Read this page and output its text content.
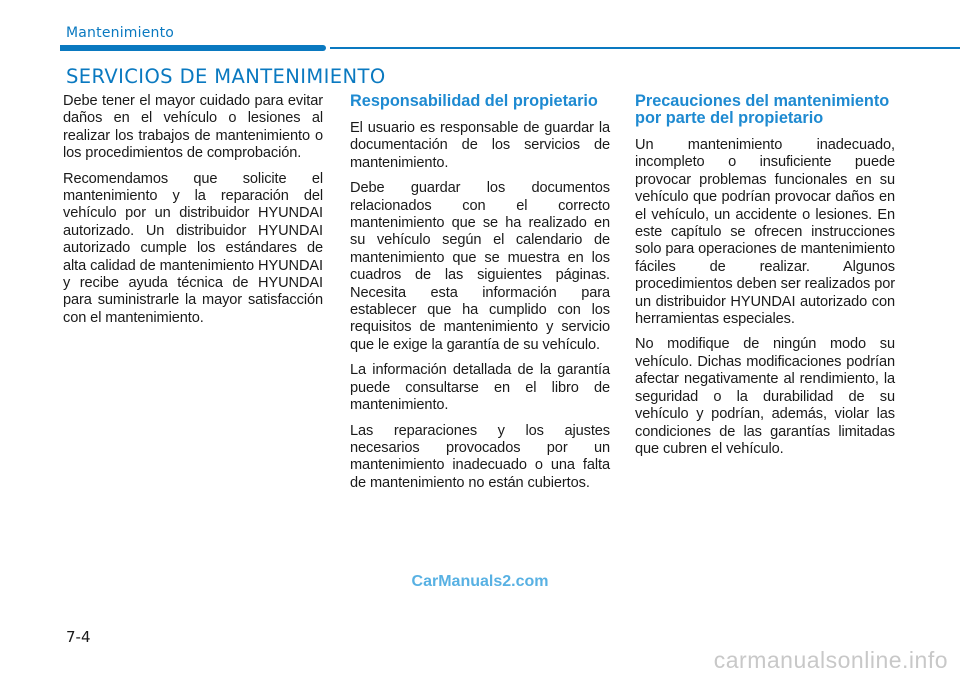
Mantenimiento
SERVICIOS DE MANTENIMIENTO

Debe tener el mayor cuidado para evitar daños en el vehículo o lesiones al realizar los trabajos de mantenimiento o los procedimientos de comprobación.

Recomendamos que solicite el mantenimiento y la reparación del vehículo por un distribuidor HYUNDAI autorizado. Un distribuidor HYUNDAI autorizado cumple los estándares de alta calidad de mantenimiento HYUNDAI y recibe ayuda técnica de HYUNDAI para suministrarle la mayor satisfacción con el mantenimiento.

Responsabilidad del propietario

El usuario es responsable de guardar la documentación de los servicios de mantenimiento.

Debe guardar los documentos relacionados con el correcto mantenimiento que se ha realizado en su vehículo según el calendario de mantenimiento que se muestra en los cuadros de las siguientes páginas. Necesita esta información para establecer que ha cumplido con los requisitos de mantenimiento y servicio que le exige la garantía de su vehículo.

La información detallada de la garantía puede consultarse en el libro de mantenimiento.

Las reparaciones y los ajustes necesarios provocados por un mantenimiento inadecuado o una falta de mantenimiento no están cubiertos.

Precauciones del mantenimiento por parte del propietario

Un mantenimiento inadecuado, incompleto o insuficiente puede provocar problemas funcionales en su vehículo que podrían provocar daños en el vehículo, un accidente o lesiones. En este capítulo se ofrecen instrucciones solo para operaciones de mantenimiento fáciles de realizar. Algunos procedimientos deben ser realizados por un distribuidor HYUNDAI autorizado con herramientas especiales.

No modifique de ningún modo su vehículo. Dichas modificaciones podrían afectar negativamente al rendimiento, la seguridad o la durabilidad de su vehículo y podrían, además, violar las condiciones de las garantías limitadas que cubren el vehículo.

CarManuals2.com
7-4
carmanualsonline.info
